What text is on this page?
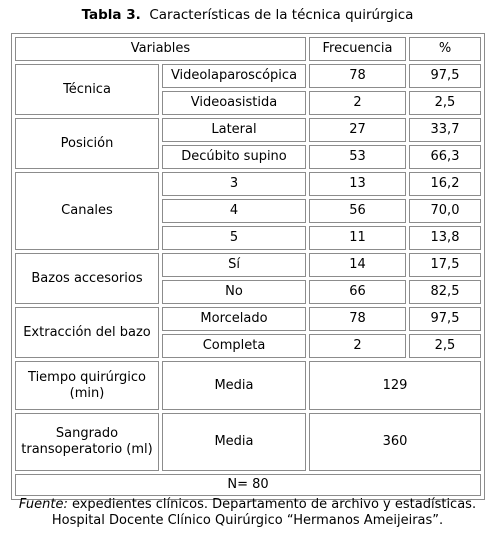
Tabla 3. Características de la técnica quirúrgica
Variables		Frecuencia	%
Técnica	Videolaparoscópica	78	97,5
	Videoasistida	2	2,5
Posición	Lateral	27	33,7
	Decúbito supino	53	66,3
Canales	3	13	16,2
	4	56	70,0
	5	11	13,8
Bazos accesorios	Sí	14	17,5
	No	66	82,5
Extracción del bazo	Morcelado	78	97,5
	Completa	2	2,5
Tiempo quirúrgico (min)	Media	129	
Sangrado transoperatorio (ml)	Media	360	
N= 80			
Fuente: expedientes clínicos. Departamento de archivo y estadísticas.
Hospital Docente Clínico Quirúrgico “Hermanos Ameijeiras”.
